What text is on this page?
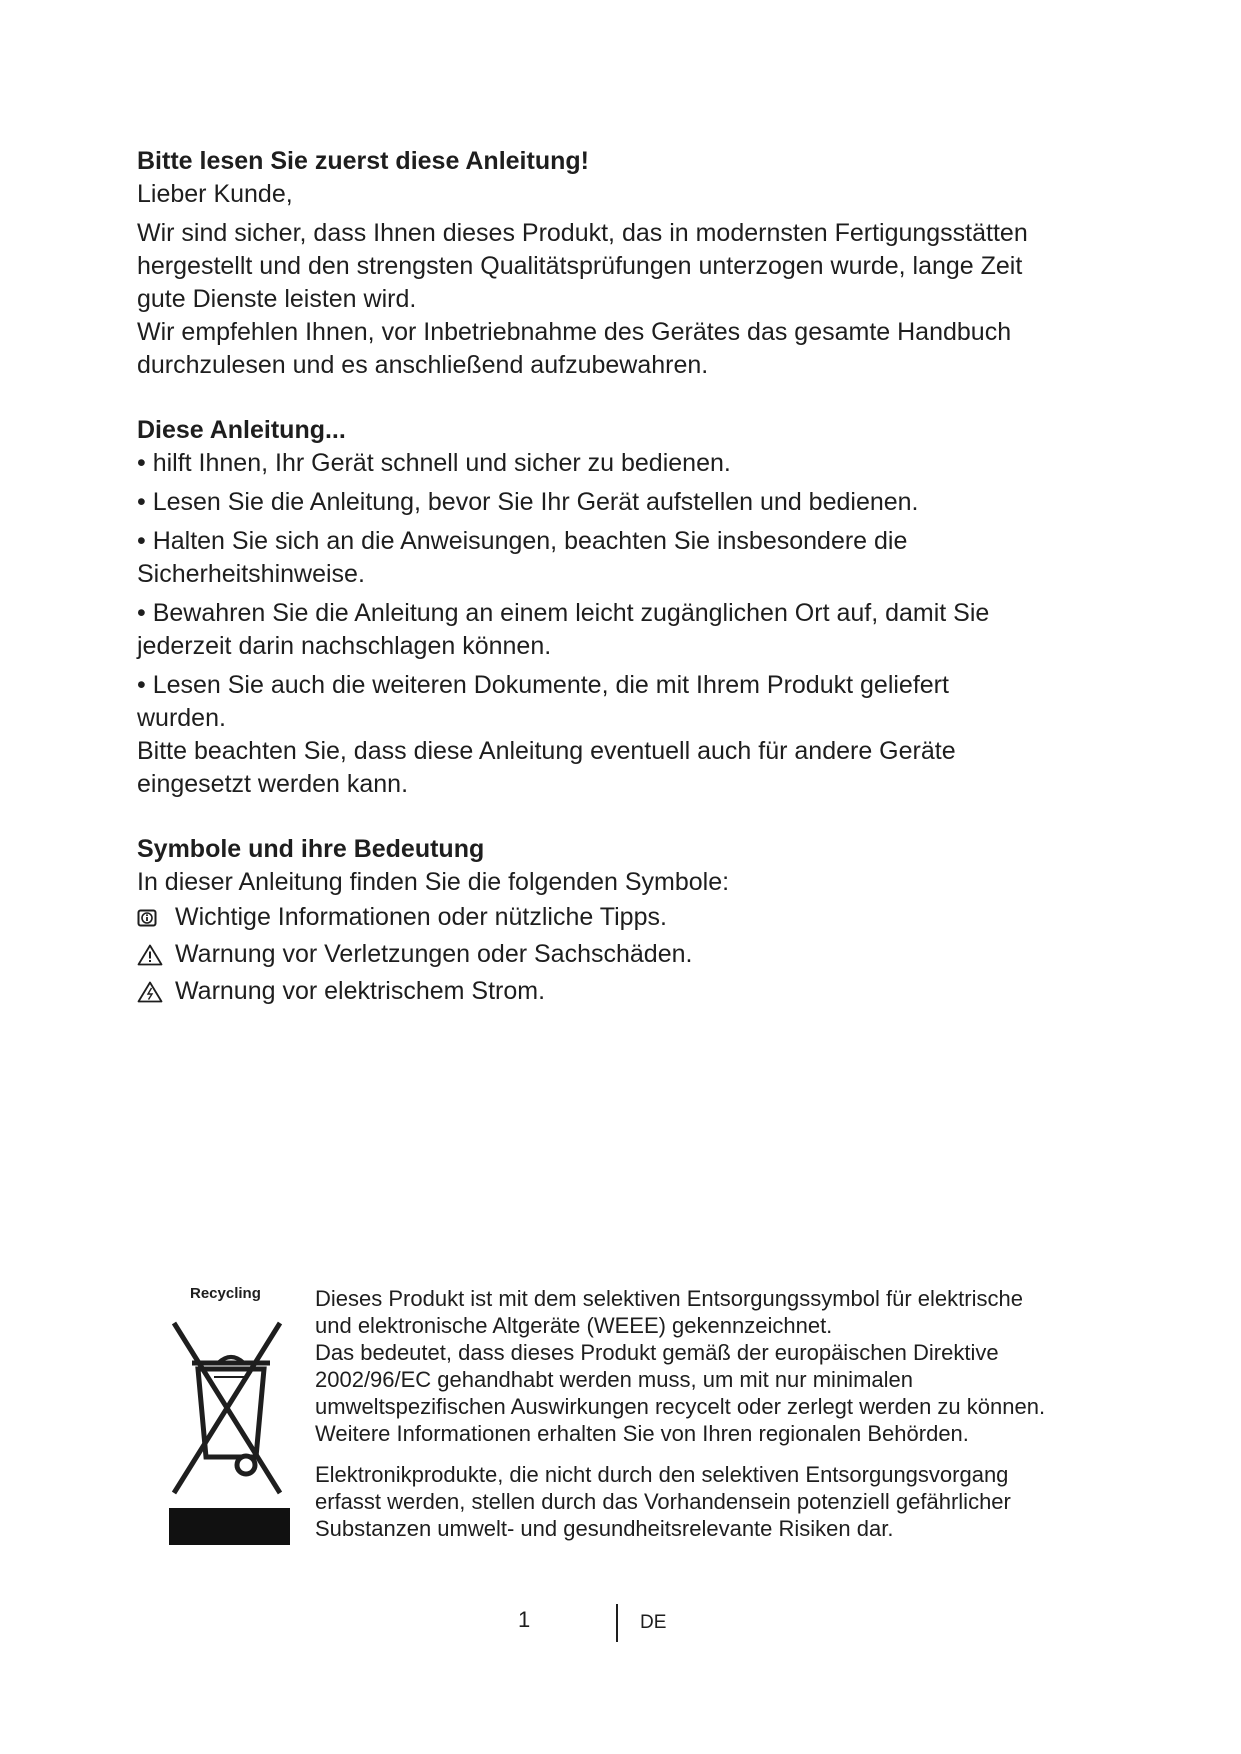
Bitte lesen Sie zuerst diese Anleitung!

Lieber Kunde,

Wir sind sicher, dass Ihnen dieses Produkt, das in modernsten Fertigungsstätten

hergestellt und den strengsten Qualitätsprüfungen unterzogen wurde, lange Zeit

gute Dienste leisten wird.

Wir empfehlen Ihnen, vor Inbetriebnahme des Gerätes das gesamte Handbuch

durchzulesen und es anschließend aufzubewahren.

Diese Anleitung...

• hilft Ihnen, Ihr Gerät schnell und sicher zu bedienen.

• Lesen Sie die Anleitung, bevor Sie Ihr Gerät aufstellen und bedienen.

• Halten Sie sich an die Anweisungen, beachten Sie insbesondere die

Sicherheitshinweise.

• Bewahren Sie die Anleitung an einem leicht zugänglichen Ort auf, damit Sie

jederzeit darin nachschlagen können.

• Lesen Sie auch die weiteren Dokumente, die mit Ihrem Produkt geliefert

wurden.

Bitte beachten Sie, dass diese Anleitung eventuell auch für andere Geräte

eingesetzt werden kann.

Symbole und ihre Bedeutung

In dieser Anleitung finden Sie die folgenden Symbole:

Wichtige Informationen oder nützliche Tipps.
Warnung vor Verletzungen oder Sachschäden.
Warnung vor elektrischem Strom.
Recycling Dieses Produkt ist mit dem selektiven Entsorgungssymbol für elektrische

und elektronische Altgeräte (WEEE) gekennzeichnet.

Das bedeutet, dass dieses Produkt gemäß der europäischen Direktive

2002/96/EC gehandhabt werden muss, um mit nur minimalen

umweltspezifischen Auswirkungen recycelt oder zerlegt werden zu können.

Weitere Informationen erhalten Sie von Ihren regionalen Behörden.

Elektronikprodukte, die nicht durch den selektiven Entsorgungsvorgang

erfasst werden, stellen durch das Vorhandensein potenziell gefährlicher

Substanzen umwelt- und gesundheitsrelevante Risiken dar.

1	DE
